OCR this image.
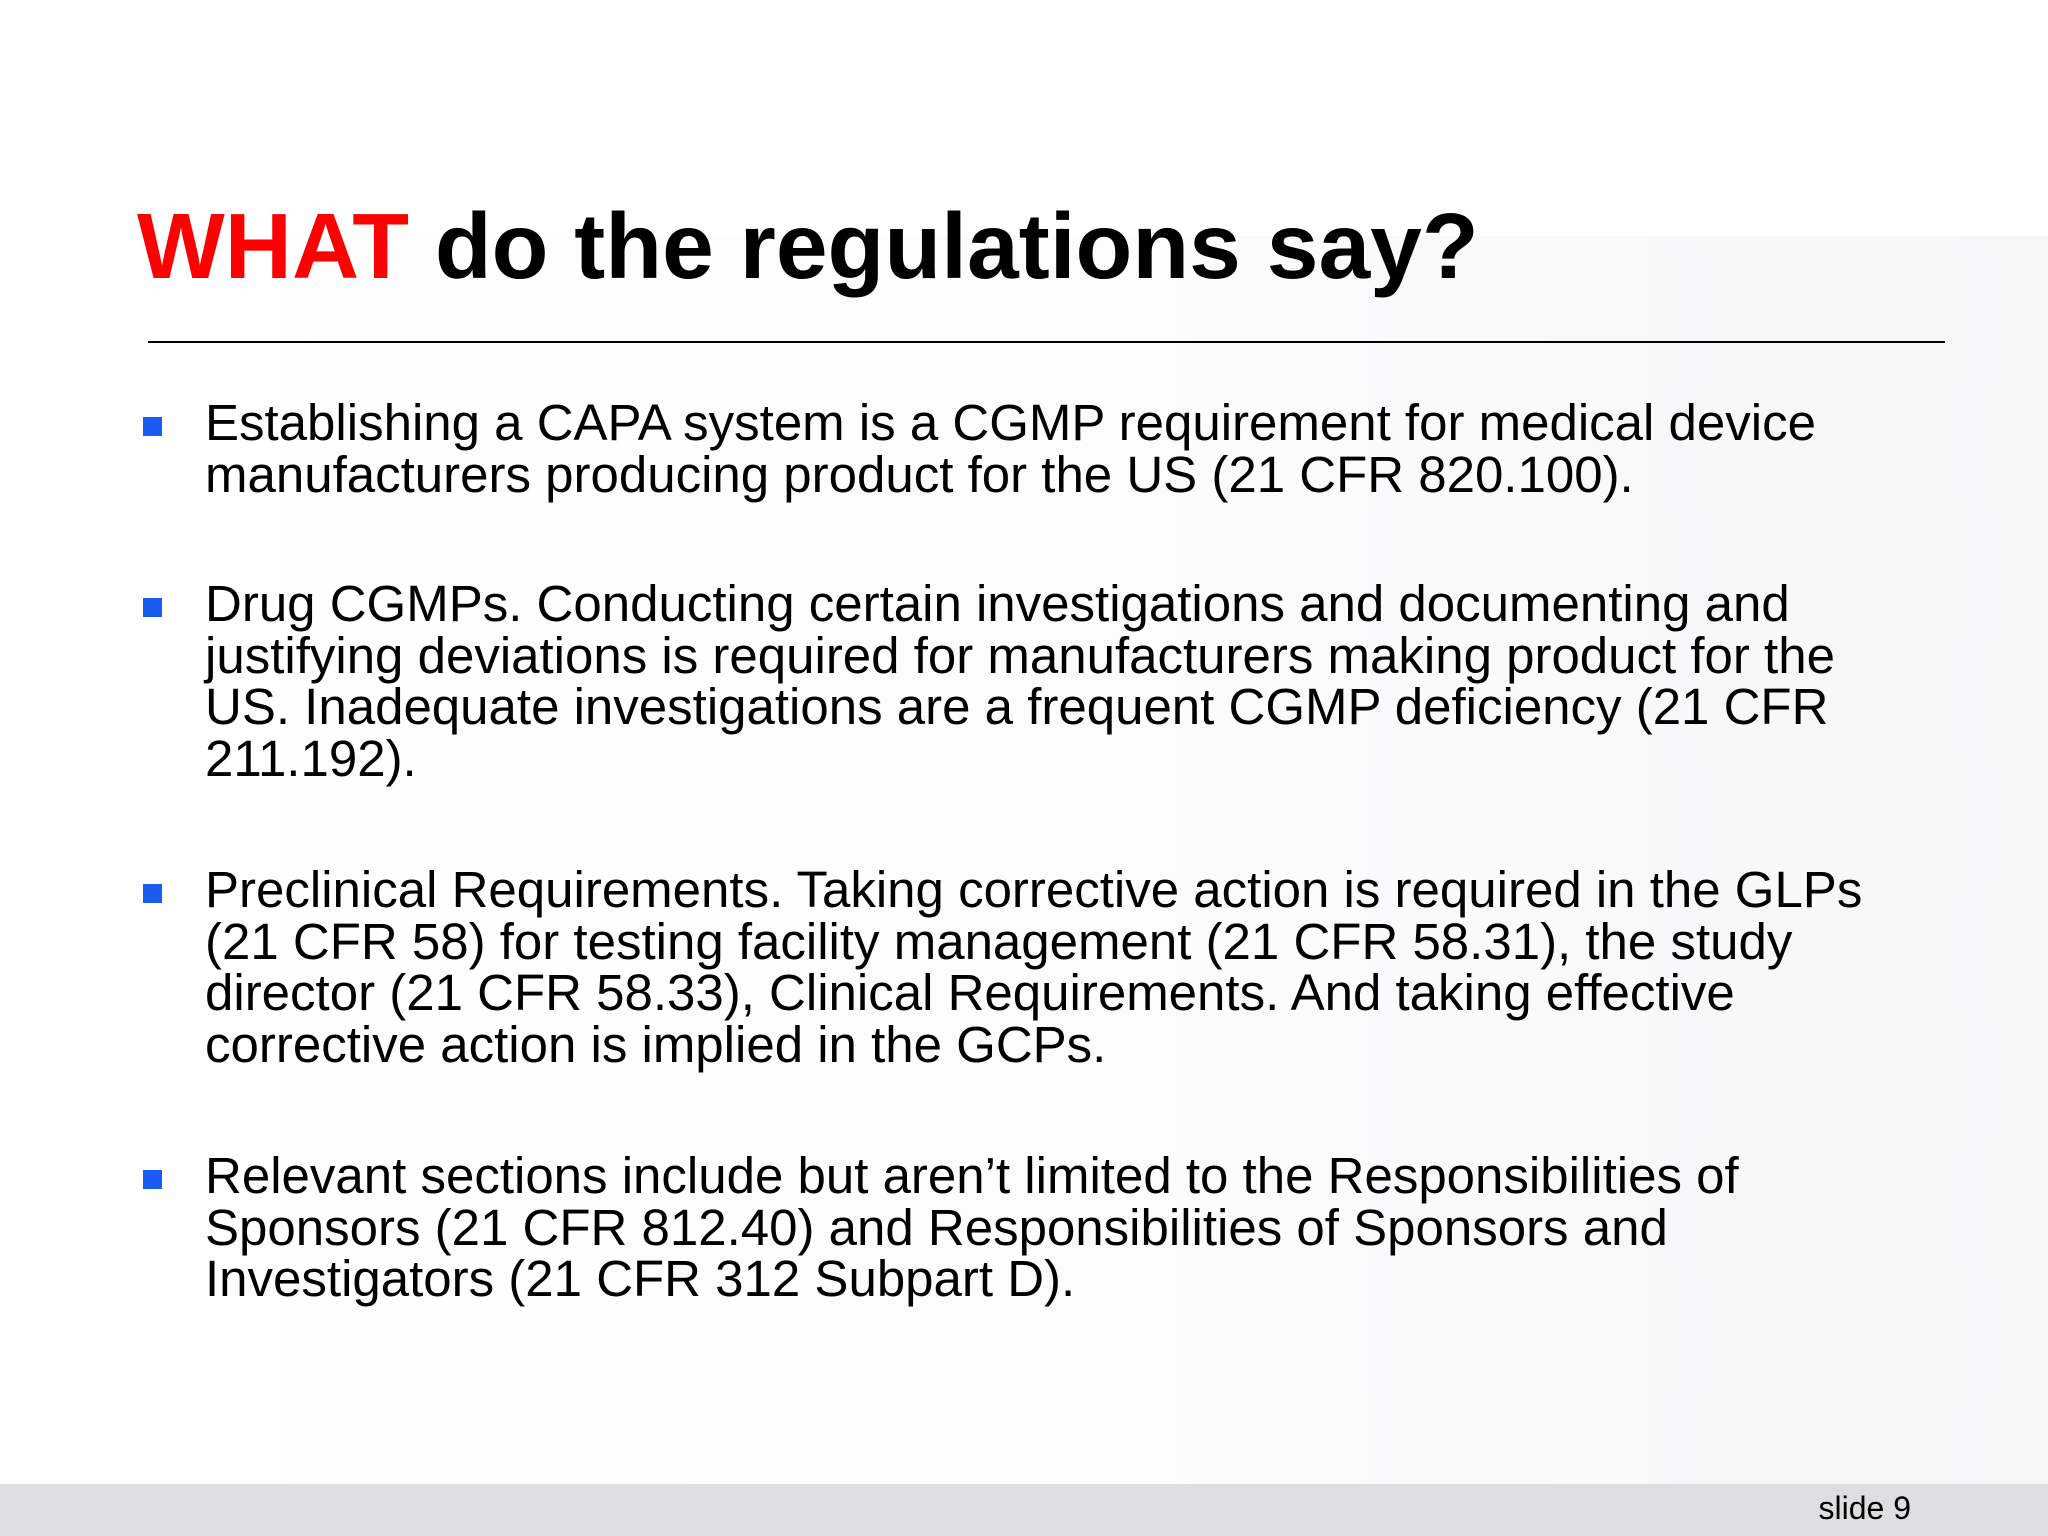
WHAT do the regulations say?
Establishing a CAPA system is a CGMP requirement for medical device
manufacturers producing product for the US (21 CFR 820.100).
Drug CGMPs. Conducting certain investigations and documenting and
justifying deviations is required for manufacturers making product for the
US. Inadequate investigations are a frequent CGMP deficiency (21 CFR
211.192).
Preclinical Requirements. Taking corrective action is required in the GLPs
(21 CFR 58) for testing facility management (21 CFR 58.31), the study
director (21 CFR 58.33), Clinical Requirements. And taking effective
corrective action is implied in the GCPs.
Relevant sections include but aren’t limited to the Responsibilities of
Sponsors (21 CFR 812.40) and Responsibilities of Sponsors and
Investigators (21 CFR 312 Subpart D).
slide 9
